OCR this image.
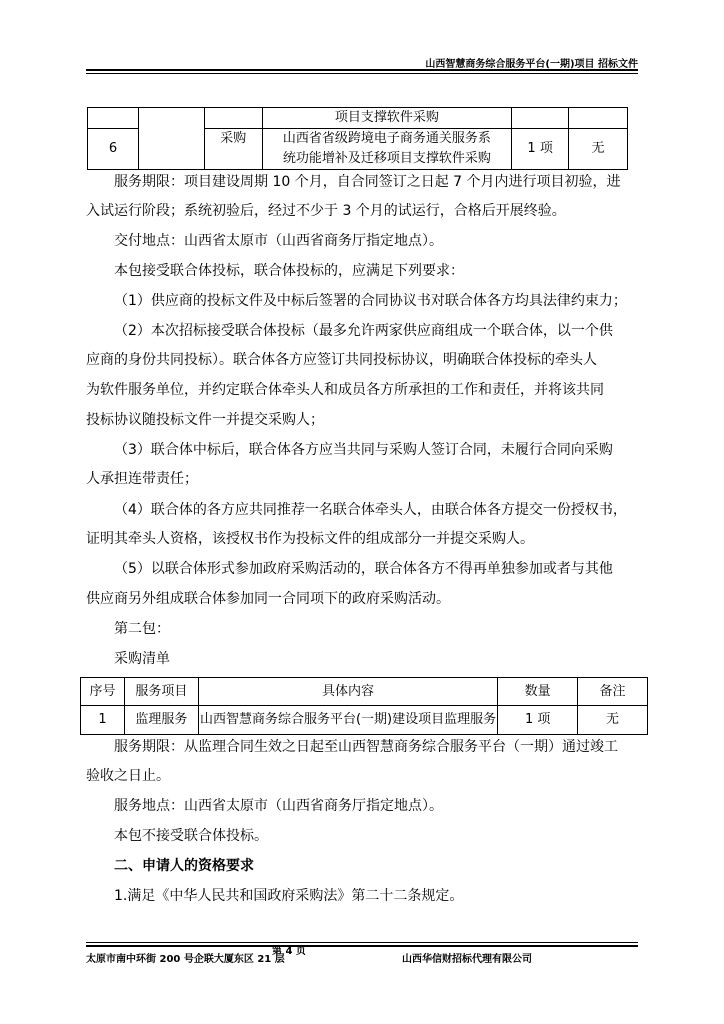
山西智慧商务综合服务平台(一期)项目 招标文件
			项目支撑软件采购		
6		采购	山西省省级跨境电子商务通关服务系
统功能增补及迁移项目支撑软件采购	1 项	无
服务期限：项目建设周期 10 个月，自合同签订之日起 7 个月内进行项目初验，进
入试运行阶段；系统初验后，经过不少于 3 个月的试运行，合格后开展终验。
交付地点：山西省太原市（山西省商务厅指定地点）。
本包接受联合体投标，联合体投标的，应满足下列要求：
（1）供应商的投标文件及中标后签署的合同协议书对联合体各方均具法律约束力；
（2）本次招标接受联合体投标（最多允许两家供应商组成一个联合体，以一个供
应商的身份共同投标）。联合体各方应签订共同投标协议，明确联合体投标的牵头人
为软件服务单位，并约定联合体牵头人和成员各方所承担的工作和责任，并将该共同
投标协议随投标文件一并提交采购人；
（3）联合体中标后，联合体各方应当共同与采购人签订合同，未履行合同向采购
人承担连带责任；
（4）联合体的各方应共同推荐一名联合体牵头人，由联合体各方提交一份授权书，
证明其牵头人资格，该授权书作为投标文件的组成部分一并提交采购人。
（5）以联合体形式参加政府采购活动的，联合体各方不得再单独参加或者与其他
供应商另外组成联合体参加同一合同项下的政府采购活动。
第二包：
采购清单
序号	服务项目	具体内容	数量	备注
1	监理服务	山西智慧商务综合服务平台(一期)建设项目监理服务	1 项	无
服务期限：从监理合同生效之日起至山西智慧商务综合服务平台（一期）通过竣工
验收之日止。
服务地点：山西省太原市（山西省商务厅指定地点）。
本包不接受联合体投标。
二、申请人的资格要求
1.满足《中华人民共和国政府采购法》第二十二条规定。
太原市南中环街 200 号企联大厦东区 21 层
第 4 页
山西华信财招标代理有限公司
